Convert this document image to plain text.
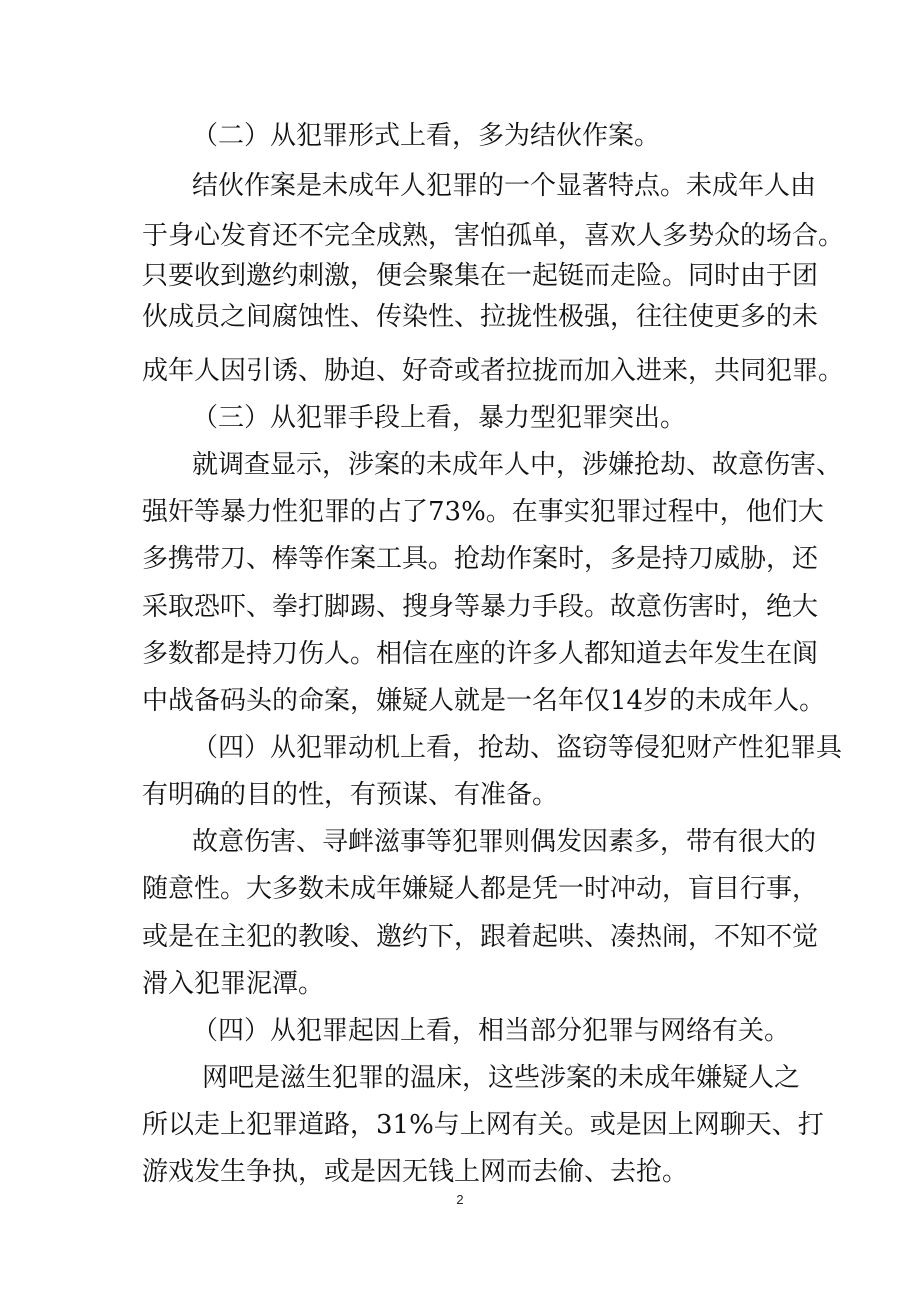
（二）从犯罪形式上看，多为结伙作案。
结伙作案是未成年人犯罪的一个显著特点。未成年人由
于身心发育还不完全成熟，害怕孤单，喜欢人多势众的场合。
只要收到邀约刺激，便会聚集在一起铤而走险。同时由于团
伙成员之间腐蚀性、传染性、拉拢性极强，往往使更多的未
成年人因引诱、胁迫、好奇或者拉拢而加入进来，共同犯罪。
（三）从犯罪手段上看，暴力型犯罪突出。
就调查显示，涉案的未成年人中，涉嫌抢劫、故意伤害、
强奸等暴力性犯罪的占了73%。在事实犯罪过程中，他们大
多携带刀、棒等作案工具。抢劫作案时，多是持刀威胁，还
采取恐吓、拳打脚踢、搜身等暴力手段。故意伤害时，绝大
多数都是持刀伤人。相信在座的许多人都知道去年发生在阆
中战备码头的命案，嫌疑人就是一名年仅14岁的未成年人。
（四）从犯罪动机上看，抢劫、盗窃等侵犯财产性犯罪具
有明确的目的性，有预谋、有准备。
故意伤害、寻衅滋事等犯罪则偶发因素多，带有很大的
随意性。大多数未成年嫌疑人都是凭一时冲动，盲目行事，
或是在主犯的教唆、邀约下，跟着起哄、凑热闹，不知不觉
滑入犯罪泥潭。
（四）从犯罪起因上看，相当部分犯罪与网络有关。
网吧是滋生犯罪的温床，这些涉案的未成年嫌疑人之
所以走上犯罪道路，31%与上网有关。或是因上网聊天、打
游戏发生争执，或是因无钱上网而去偷、去抢。
2
